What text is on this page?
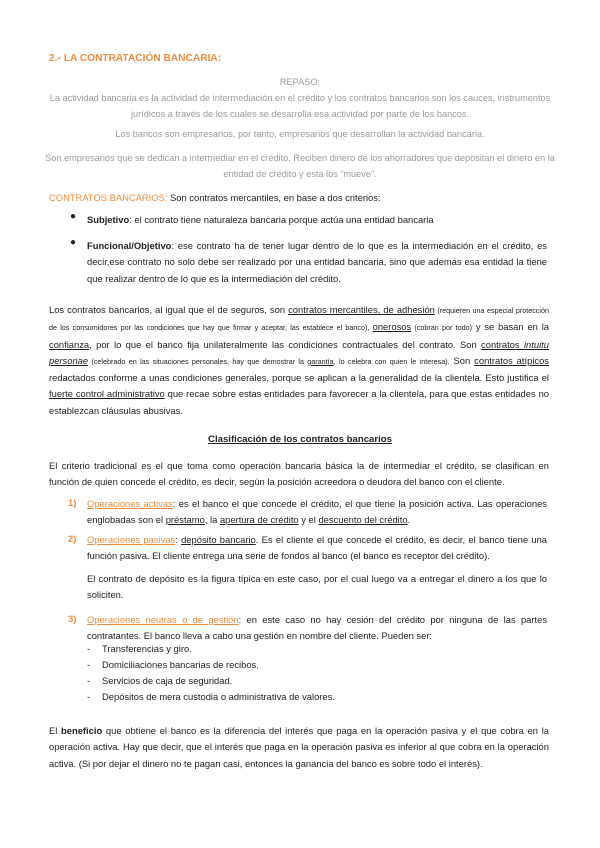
2.- LA CONTRATACIÓN BANCARIA:
REPASO:
La actividad bancaria es la actividad de intermediación en el crédito y los contratos bancarios son los cauces, instrumentos jurídicos a través de los cuales se desarrolla esa actividad por parte de los bancos.
Los bancos son empresarios, por tanto, empresarios que desarrollan la actividad bancaria.
Son empresarios que se dedican a intermediar en el crédito. Reciben dinero de los ahorradores que depositan el dinero en la entidad de crédito y esta los “mueve”.
CONTRATOS BANCARIOS: Son contratos mercantiles, en base a dos criterios:
● Subjetivo: el contrato tiene naturaleza bancaria porque actúa una entidad bancaria
● Funcional/Objetivo: ese contrato ha de tener lugar dentro de lo que es la intermediación en el crédito, es decir,ese contrato no solo debe ser realizado por una entidad bancaria, sino que además esa entidad la tiene que realizar dentro de lo que es la intermediación del crédito.
Los contratos bancarios, al igual que el de seguros, son contratos mercantiles, de adhesión (requieren una especial protección de los consumidores por las condiciones que hay que firmar y aceptar, las establece el banco), onerosos (cobran por todo) y se basan en la confianza, por lo que el banco fija unilateralmente las condiciones contractuales del contrato. Son contratos intuitu personae (celebrado en las situaciones personales, hay que demostrar la garantía, lo celebra con quien le interesa). Son contratos atípicos redactados conforme a unas condiciones generales, porque se aplican a la generalidad de la clientela. Esto justifica el fuerte control administrativo que recae sobre estas entidades para favorecer a la clientela, para que estas entidades no establezcan cláusulas abusivas.
Clasificación de los contratos bancarios
El criterio tradicional es el que toma como operación bancaria básica la de intermediar el crédito, se clasifican en función de quien concede el crédito, es decir, según la posición acreedora o deudora del banco con el cliente.
1) Operaciones activas: es el banco el que concede el crédito, el que tiene la posición activa. Las operaciones englobadas son el préstamo, la apertura de crédito y el descuento del crédito.
2) Operaciones pasivas: depósito bancario. Es el cliente el que concede el crédito, es decir, el banco tiene una función pasiva. El cliente entrega una serie de fondos al banco (el banco es receptor del crédito).
El contrato de depósito es la figura típica en este caso, por el cual luego va a entregar el dinero a los que lo soliciten.
3) Operaciones neutras o de gestión: en este caso no hay cesión del crédito por ninguna de las partes contratantes. El banco lleva a cabo una gestión en nombre del cliente. Pueden ser:
- Transferencias y giro.
- Domiciliaciones bancarias de recibos.
- Servicios de caja de seguridad.
- Depósitos de mera custodia o administrativa de valores.
El beneficio que obtiene el banco es la diferencia del interés que paga en la operación pasiva y el que cobra en la operación activa. Hay que decir, que el interés que paga en la operación pasiva es inferior al que cobra en la operación activa. (Si por dejar el dinero no te pagan casi, entonces la ganancia del banco es sobre todo el interés).
